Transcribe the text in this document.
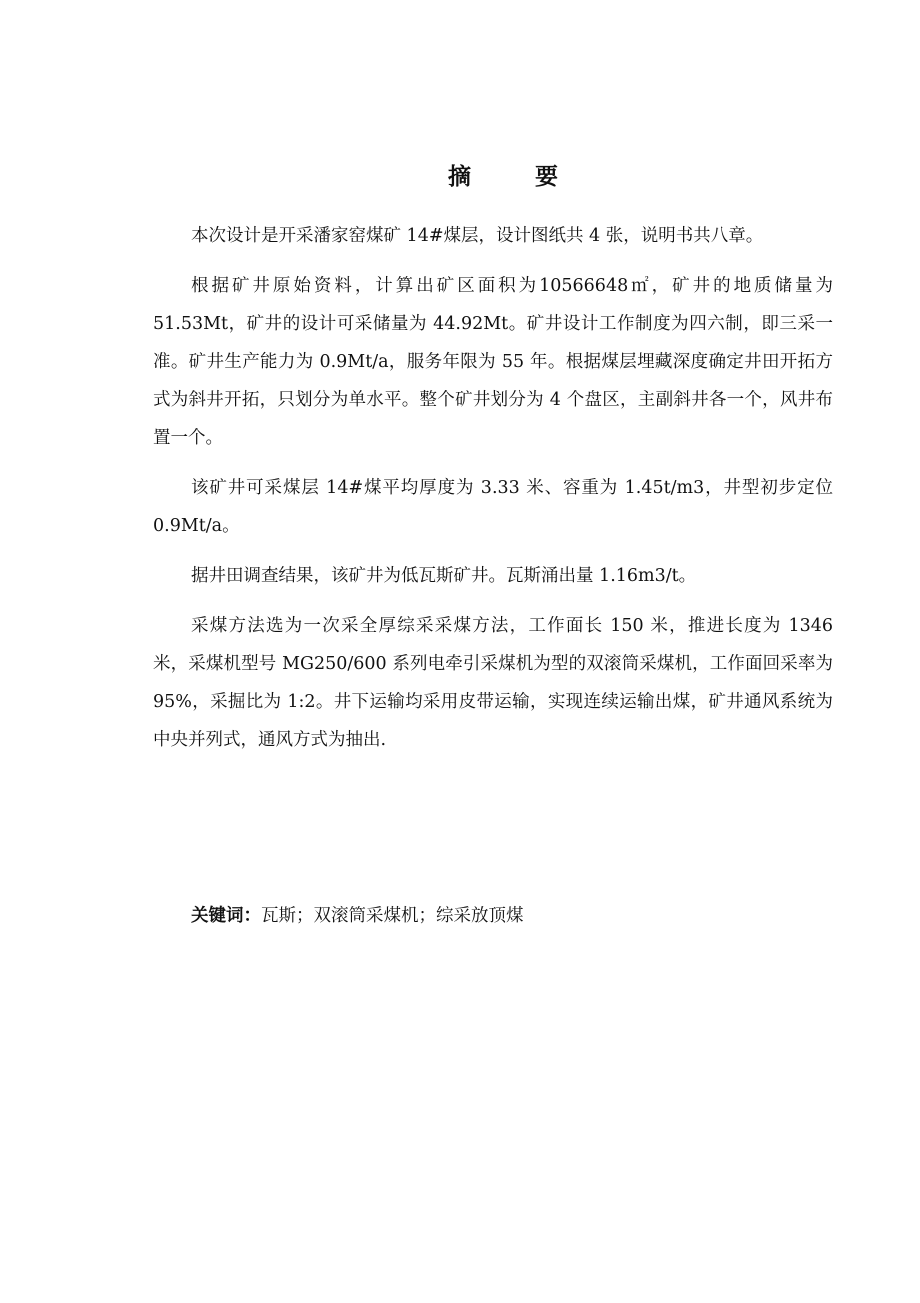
摘 要

本次设计是开采潘家窑煤矿 14#煤层，设计图纸共 4 张，说明书共八章。

根据矿井原始资料，计算出矿区面积为10566648㎡，矿井的地质储量为51.53Mt，矿井的设计可采储量为 44.92Mt。矿井设计工作制度为四六制，即三采一准。矿井生产能力为 0.9Mt/a，服务年限为 55 年。根据煤层埋藏深度确定井田开拓方式为斜井开拓，只划分为单水平。整个矿井划分为 4 个盘区，主副斜井各一个，风井布置一个。

该矿井可采煤层 14#煤平均厚度为 3.33 米、容重为 1.45t/m3，井型初步定位 0.9Mt/a。

据井田调查结果，该矿井为低瓦斯矿井。瓦斯涌出量 1.16m3/t。

采煤方法选为一次采全厚综采采煤方法，工作面长 150 米，推进长度为 1346 米，采煤机型号 MG250/600 系列电牵引采煤机为型的双滚筒采煤机，工作面回采率为 95%，采掘比为 1:2。井下运输均采用皮带运输，实现连续运输出煤，矿井通风系统为中央并列式，通风方式为抽出.

关键词：瓦斯；双滚筒采煤机；综采放顶煤
